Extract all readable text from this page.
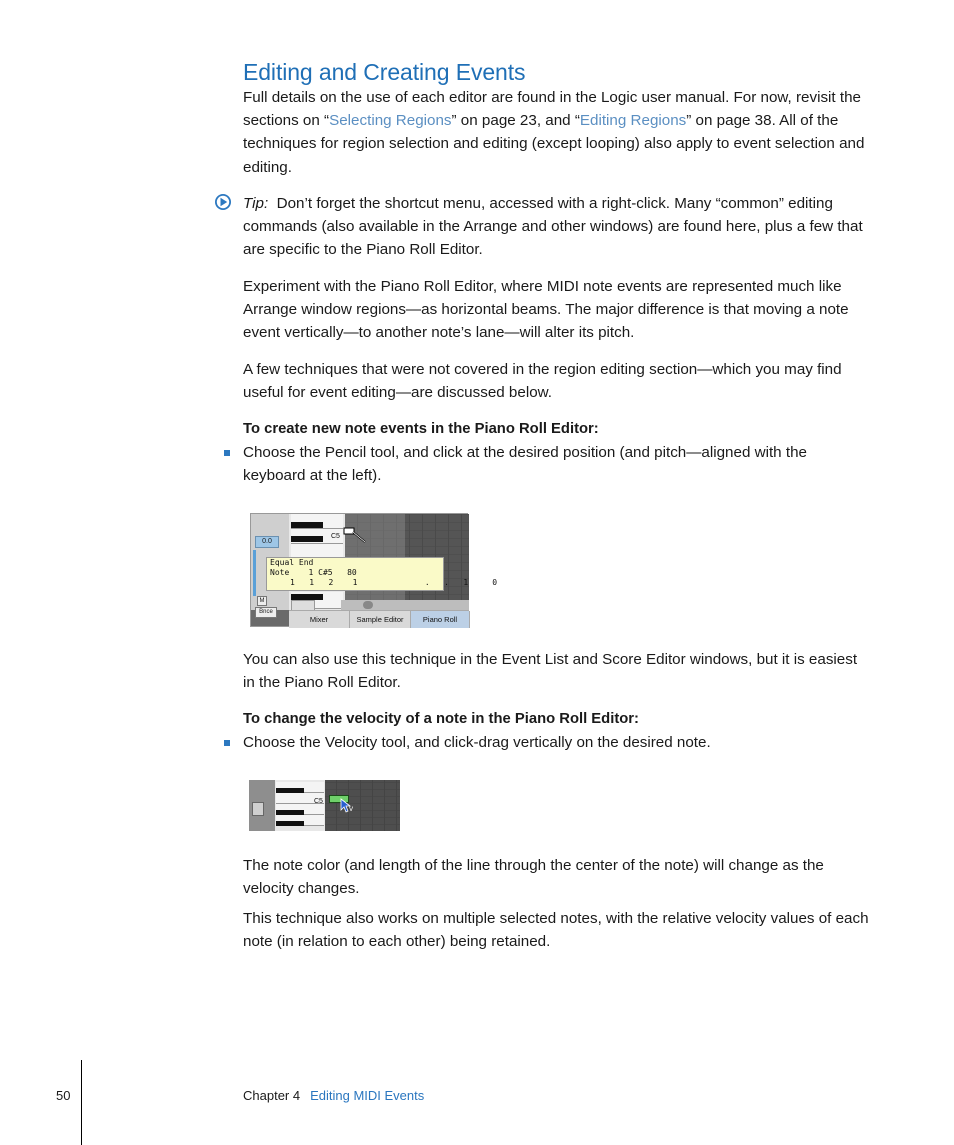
Editing and Creating Events

Full details on the use of each editor are found in the Logic user manual. For now, revisit the sections on “Selecting Regions” on page 23, and “Editing Regions” on page 38. All of the techniques for region selection and editing (except looping) also apply to event selection and editing.

Tip: Don’t forget the shortcut menu, accessed with a right-click. Many “common” editing commands (also available in the Arrange and other windows) are found here, plus a few that are specific to the Piano Roll Editor.

Experiment with the Piano Roll Editor, where MIDI note events are represented much like Arrange window regions—as horizontal beams. The major difference is that moving a note event vertically—to another note’s lane—will alter its pitch.

A few techniques that were not covered in the region editing section—which you may find useful for event editing—are discussed below.

To create new note events in the Piano Roll Editor:

Choose the Pencil tool, and click at the desired position (and pitch—aligned with the keyboard at the left).
0.0
M
Bnce
C5
Equal End
Note    1 C#5   80
1   1   2    1              .   .   1     0
Mixer	Sample Editor	Piano Roll

You can also use this technique in the Event List and Score Editor windows, but it is easiest in the Piano Roll Editor.

To change the velocity of a note in the Piano Roll Editor:

Choose the Velocity tool, and click-drag vertically on the desired note.
C5
V

The note color (and length of the line through the center of the note) will change as the velocity changes.

This technique also works on multiple selected notes, with the relative velocity values of each note (in relation to each other) being retained.

50	Chapter 4 Editing MIDI Events
